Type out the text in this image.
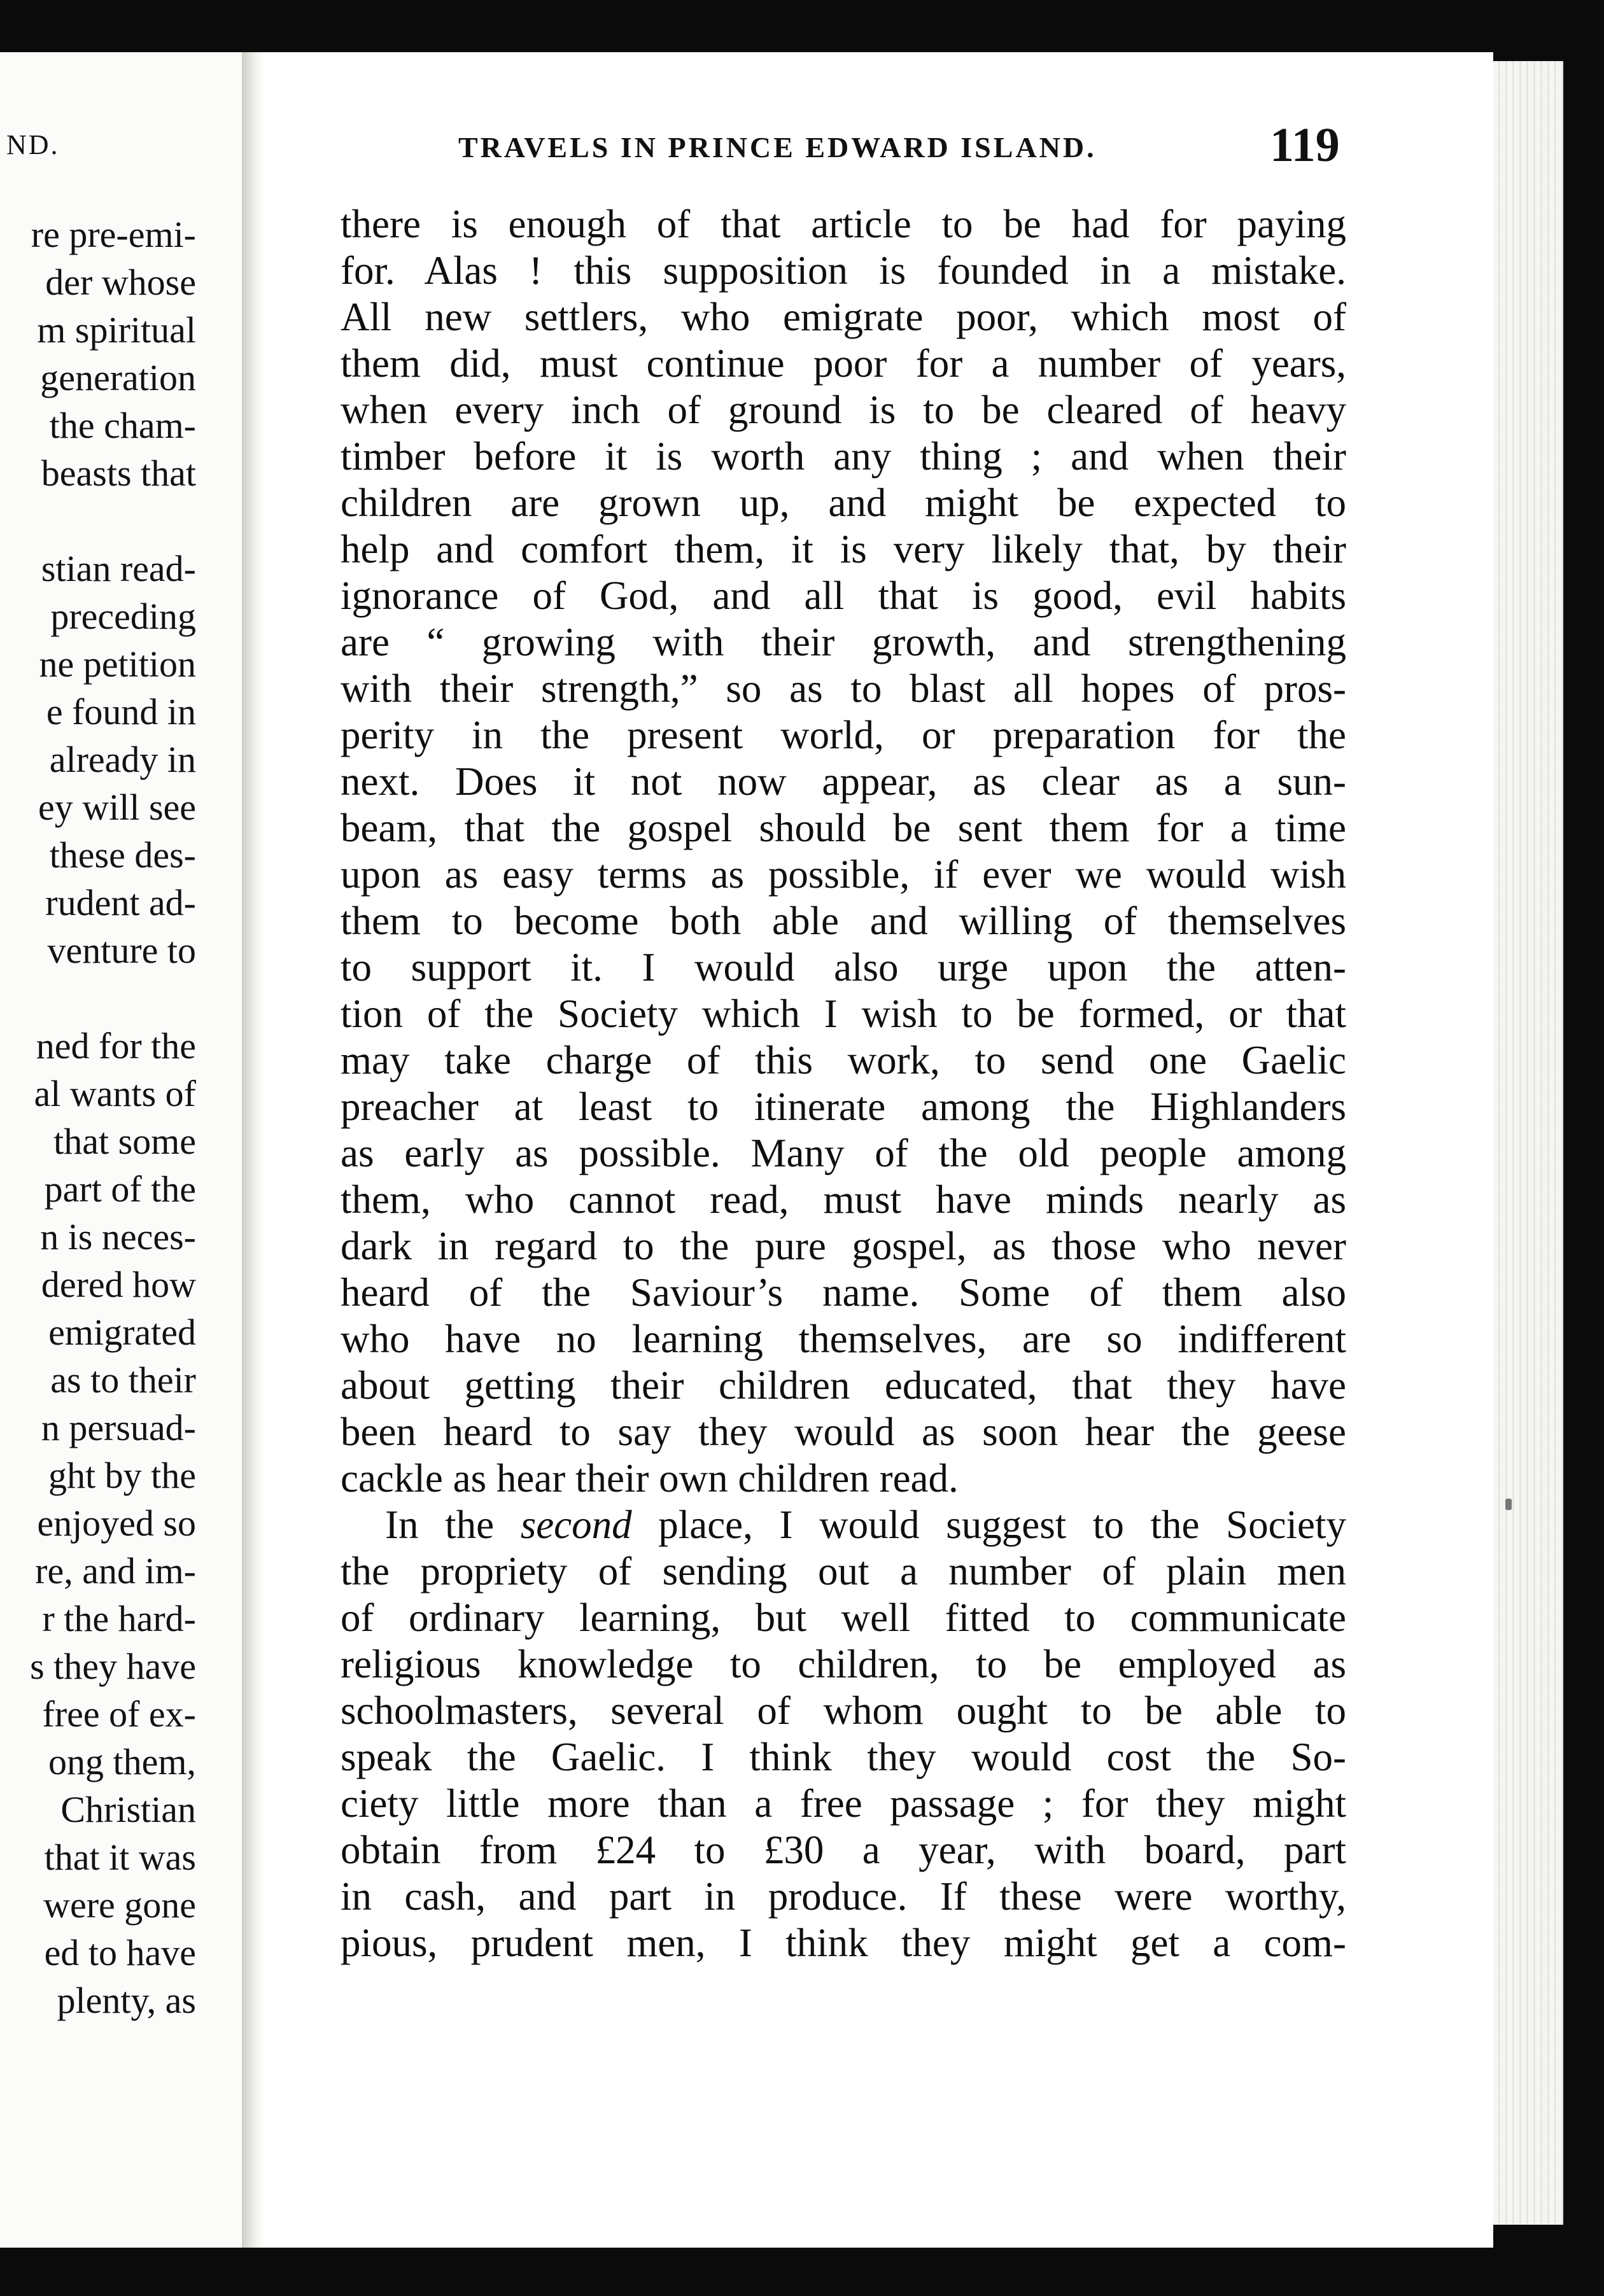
ND.
re pre-emi-
der whose
m spiritual
generation
the cham-
beasts that
stian read-
preceding
ne petition
e found in
already in
ey will see
these des-
rudent ad-
venture to
ned for the
al wants of
that some
part of the
n is neces-
dered how
emigrated
as to their
n persuad-
ght by the
enjoyed so
re, and im-
r the hard-
s they have
free of ex-
ong them,
Christian
that it was
were gone
ed to have
plenty, as
TRAVELS IN PRINCE EDWARD ISLAND.	119
there is enough of that article to be had for paying
for. Alas ! this supposition is founded in a mistake.
All new settlers, who emigrate poor, which most of
them did, must continue poor for a number of years,
when every inch of ground is to be cleared of heavy
timber before it is worth any thing ; and when their
children are grown up, and might be expected to
help and comfort them, it is very likely that, by their
ignorance of God, and all that is good, evil habits
are “ growing with their growth, and strengthening
with their strength,” so as to blast all hopes of pros-
perity in the present world, or preparation for the
next. Does it not now appear, as clear as a sun-
beam, that the gospel should be sent them for a time
upon as easy terms as possible, if ever we would wish
them to become both able and willing of themselves
to support it. I would also urge upon the atten-
tion of the Society which I wish to be formed, or that
may take charge of this work, to send one Gaelic
preacher at least to itinerate among the Highlanders
as early as possible. Many of the old people among
them, who cannot read, must have minds nearly as
dark in regard to the pure gospel, as those who never
heard of the Saviour’s name. Some of them also
who have no learning themselves, are so indifferent
about getting their children educated, that they have
been heard to say they would as soon hear the geese
cackle as hear their own children read.
In the second place, I would suggest to the Society
the propriety of sending out a number of plain men
of ordinary learning, but well fitted to communicate
religious knowledge to children, to be employed as
schoolmasters, several of whom ought to be able to
speak the Gaelic. I think they would cost the So-
ciety little more than a free passage ; for they might
obtain from £24 to £30 a year, with board, part
in cash, and part in produce. If these were worthy,
pious, prudent men, I think they might get a com-
